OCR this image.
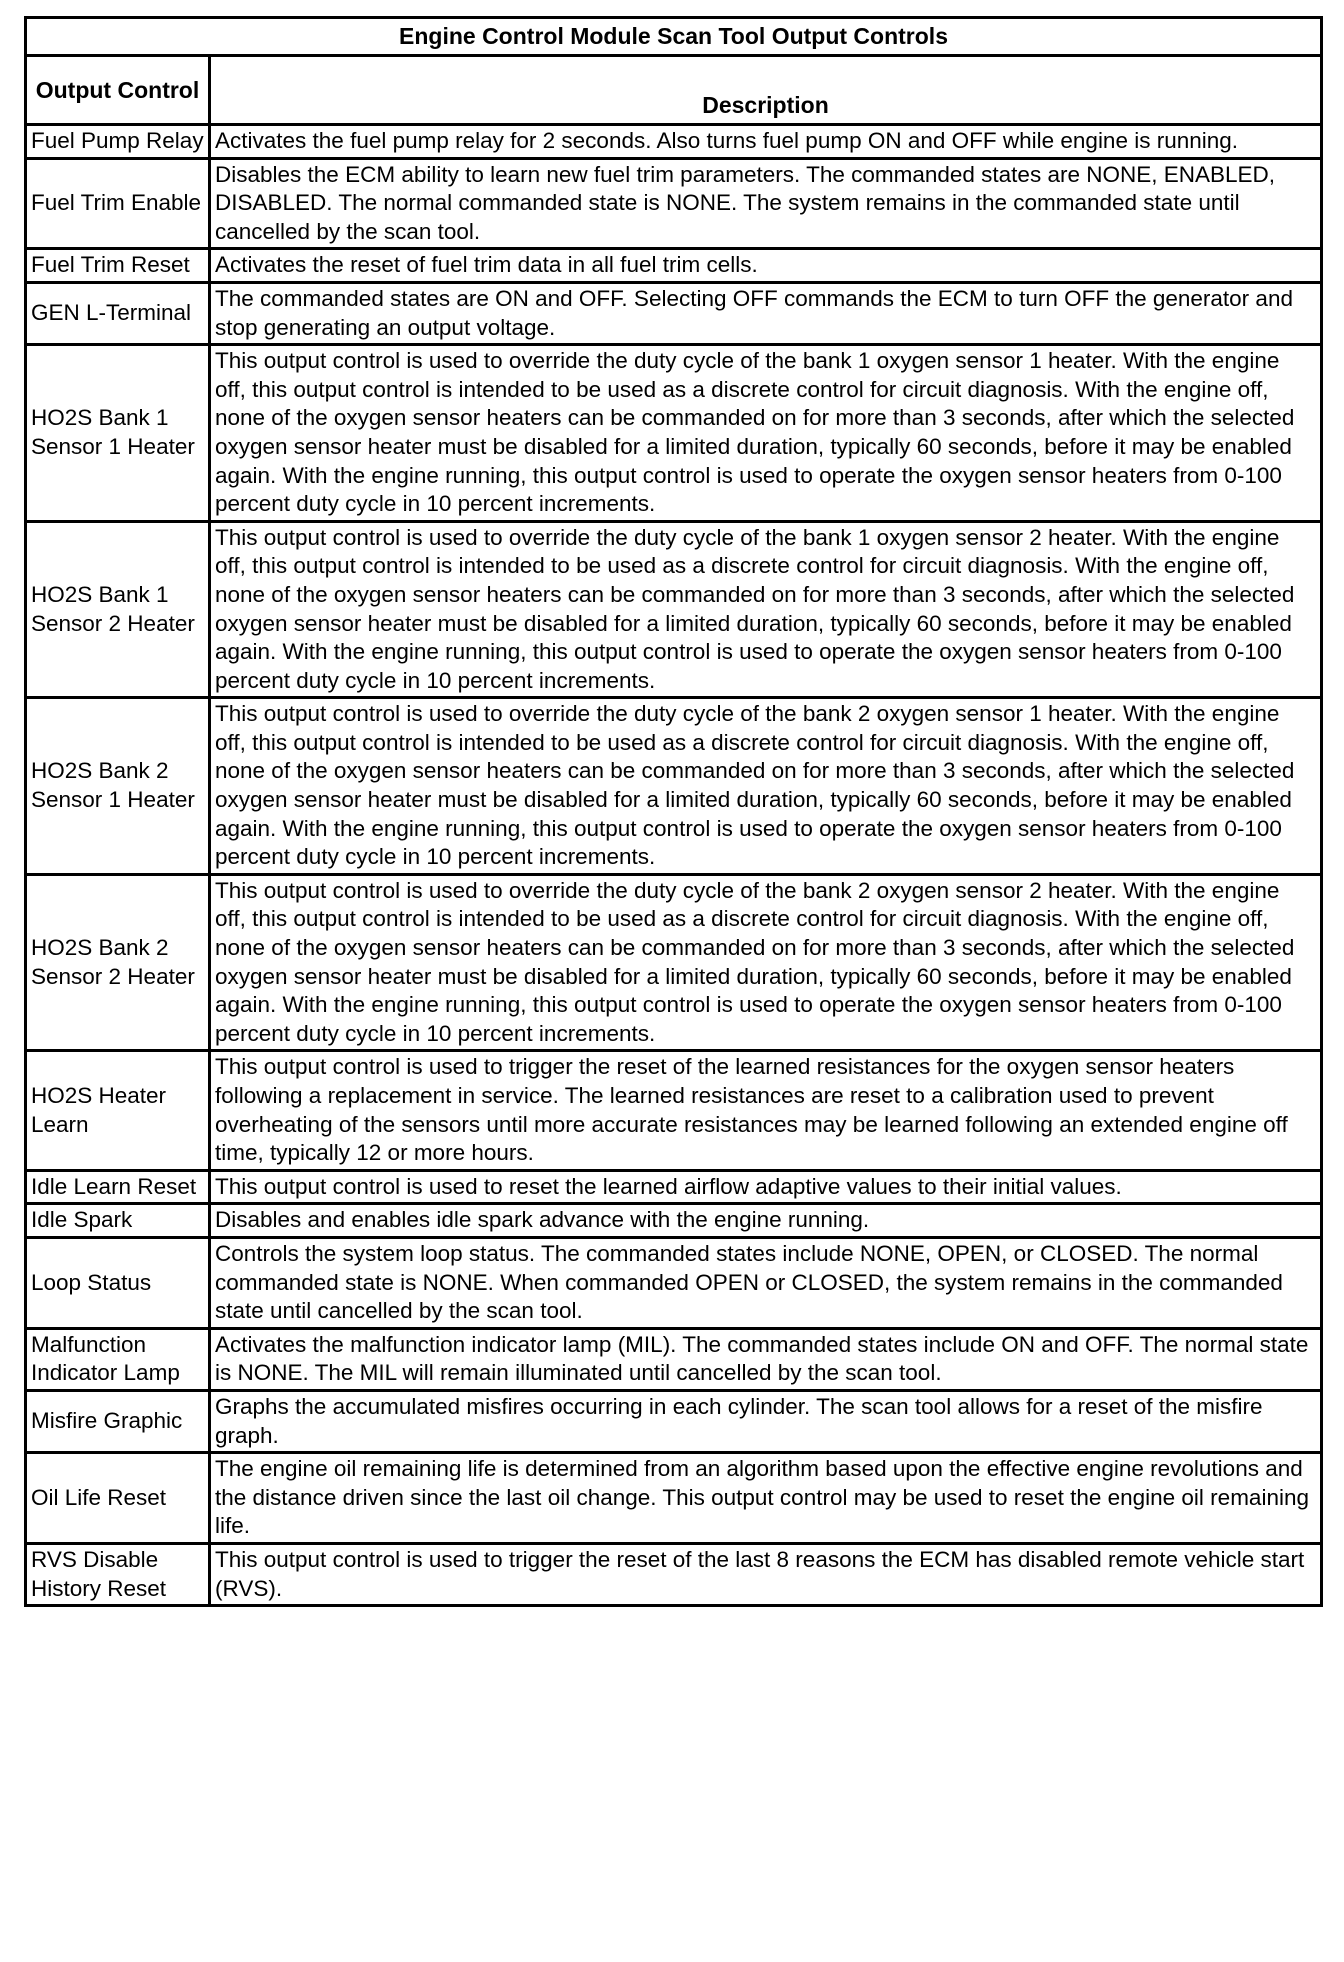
Engine Control Module Scan Tool Output Controls	
Output Control	Description
Fuel Pump Relay	Activates the fuel pump relay for 2 seconds. Also turns fuel pump ON and OFF while engine is running.
Fuel Trim Enable	Disables the ECM ability to learn new fuel trim parameters. The commanded states are NONE, ENABLED, DISABLED. The normal commanded state is NONE. The system remains in the commanded state until cancelled by the scan tool.
Fuel Trim Reset	Activates the reset of fuel trim data in all fuel trim cells.
GEN L-Terminal	The commanded states are ON and OFF. Selecting OFF commands the ECM to turn OFF the generator and stop generating an output voltage.
HO2S Bank 1 Sensor 1 Heater	This output control is used to override the duty cycle of the bank 1 oxygen sensor 1 heater. With the engine off, this output control is intended to be used as a discrete control for circuit diagnosis. With the engine off, none of the oxygen sensor heaters can be commanded on for more than 3 seconds, after which the selected oxygen sensor heater must be disabled for a limited duration, typically 60 seconds, before it may be enabled again. With the engine running, this output control is used to operate the oxygen sensor heaters from 0-100 percent duty cycle in 10 percent increments.
HO2S Bank 1 Sensor 2 Heater	This output control is used to override the duty cycle of the bank 1 oxygen sensor 2 heater. With the engine off, this output control is intended to be used as a discrete control for circuit diagnosis. With the engine off, none of the oxygen sensor heaters can be commanded on for more than 3 seconds, after which the selected oxygen sensor heater must be disabled for a limited duration, typically 60 seconds, before it may be enabled again. With the engine running, this output control is used to operate the oxygen sensor heaters from 0-100 percent duty cycle in 10 percent increments.
HO2S Bank 2 Sensor 1 Heater	This output control is used to override the duty cycle of the bank 2 oxygen sensor 1 heater. With the engine off, this output control is intended to be used as a discrete control for circuit diagnosis. With the engine off, none of the oxygen sensor heaters can be commanded on for more than 3 seconds, after which the selected oxygen sensor heater must be disabled for a limited duration, typically 60 seconds, before it may be enabled again. With the engine running, this output control is used to operate the oxygen sensor heaters from 0-100 percent duty cycle in 10 percent increments.
HO2S Bank 2 Sensor 2 Heater	This output control is used to override the duty cycle of the bank 2 oxygen sensor 2 heater. With the engine off, this output control is intended to be used as a discrete control for circuit diagnosis. With the engine off, none of the oxygen sensor heaters can be commanded on for more than 3 seconds, after which the selected oxygen sensor heater must be disabled for a limited duration, typically 60 seconds, before it may be enabled again. With the engine running, this output control is used to operate the oxygen sensor heaters from 0-100 percent duty cycle in 10 percent increments.
HO2S Heater Learn	This output control is used to trigger the reset of the learned resistances for the oxygen sensor heaters following a replacement in service. The learned resistances are reset to a calibration used to prevent overheating of the sensors until more accurate resistances may be learned following an extended engine off time, typically 12 or more hours.
Idle Learn Reset	This output control is used to reset the learned airflow adaptive values to their initial values.
Idle Spark	Disables and enables idle spark advance with the engine running.
Loop Status	Controls the system loop status. The commanded states include NONE, OPEN, or CLOSED. The normal commanded state is NONE. When commanded OPEN or CLOSED, the system remains in the commanded state until cancelled by the scan tool.
Malfunction Indicator Lamp	Activates the malfunction indicator lamp (MIL). The commanded states include ON and OFF. The normal state is NONE. The MIL will remain illuminated until cancelled by the scan tool.
Misfire Graphic	Graphs the accumulated misfires occurring in each cylinder. The scan tool allows for a reset of the misfire graph.
Oil Life Reset	The engine oil remaining life is determined from an algorithm based upon the effective engine revolutions and the distance driven since the last oil change. This output control may be used to reset the engine oil remaining life.
RVS Disable History Reset	This output control is used to trigger the reset of the last 8 reasons the ECM has disabled remote vehicle start (RVS).
